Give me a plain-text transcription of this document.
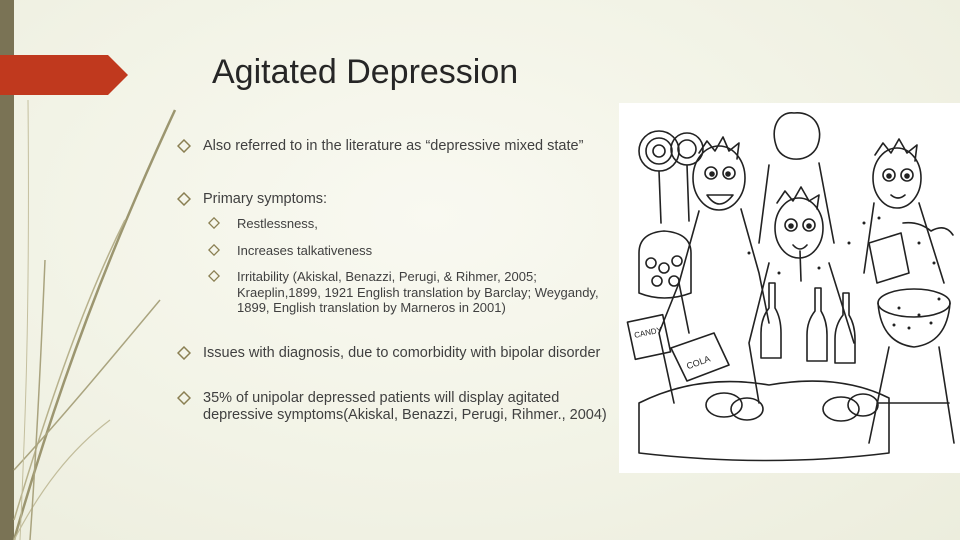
Agitated Depression
Also referred to in the literature as “depressive mixed state”
Primary symptoms:
Restlessness,
Increases talkativeness
Irritability (Akiskal, Benazzi, Perugi, & Rihmer, 2005; Kraeplin,1899, 1921 English translation by Barclay; Weygandy, 1899, English translation by Marneros in 2001)
Issues with diagnosis, due to comorbidity with bipolar disorder
35% of unipolar depressed patients will display agitated depressive symptoms(Akiskal, Benazzi, Perugi, Rihmer., 2004)
CANDY
COLA
